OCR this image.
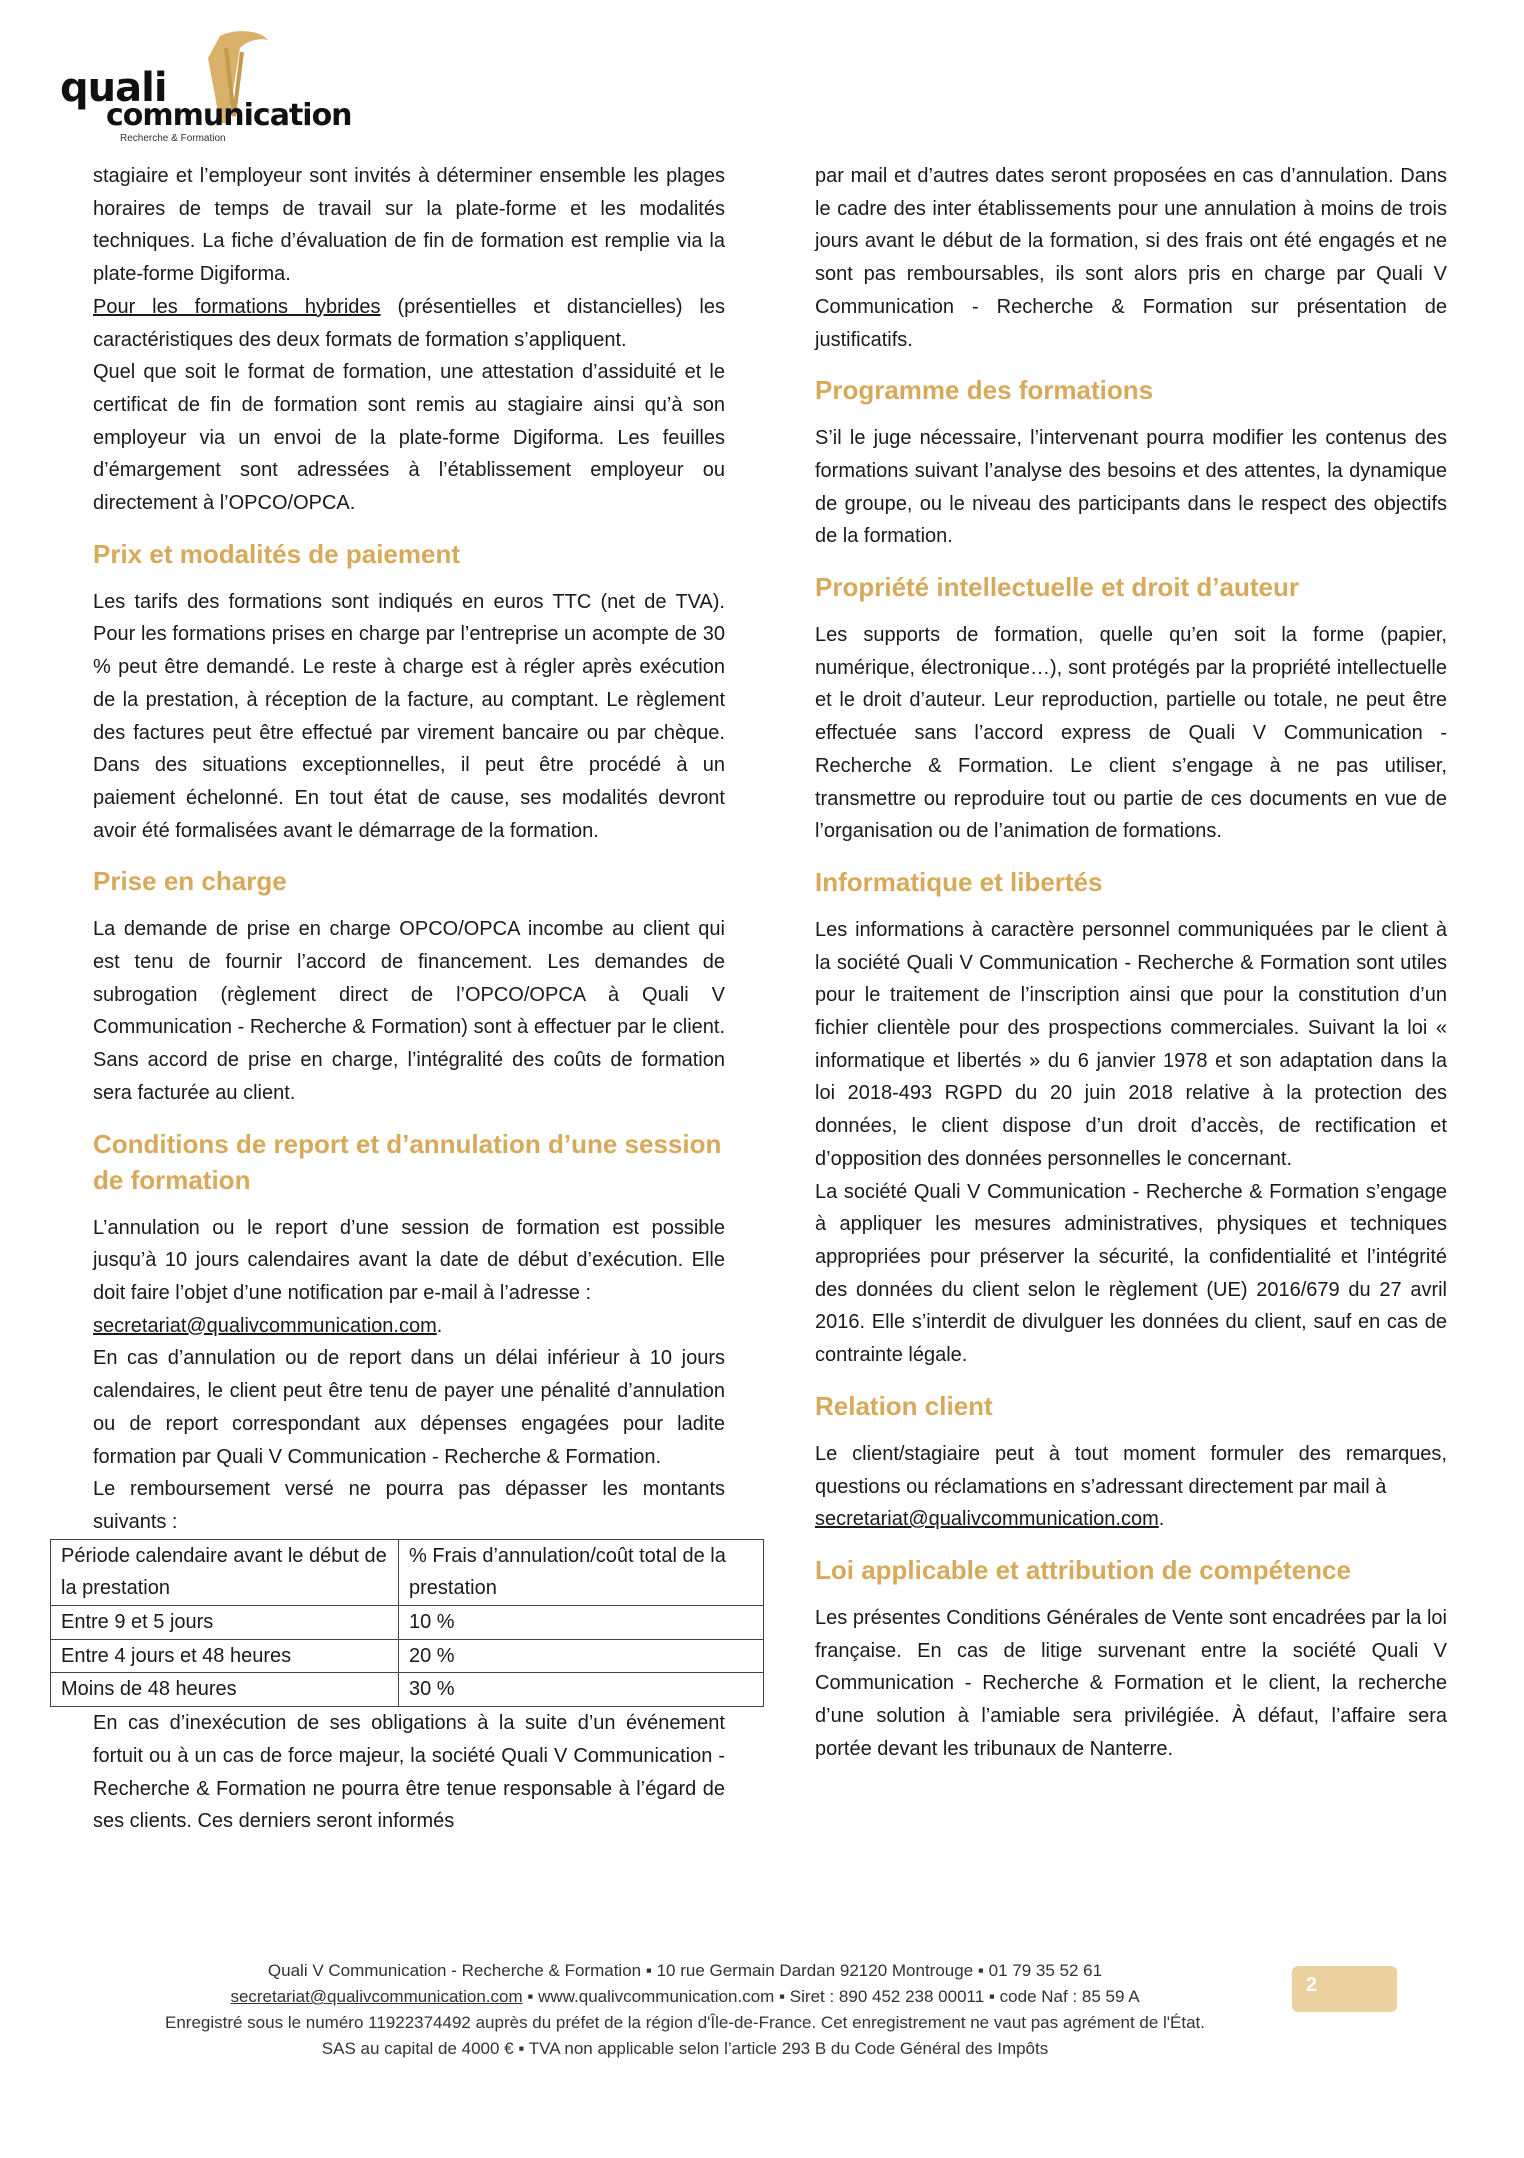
quali
communication
Recherche & Formation

stagiaire et l’employeur sont invités à déterminer ensemble les plages horaires de temps de travail sur la plate-forme et les modalités techniques. La fiche d’évaluation de fin de formation est remplie via la plate-forme Digiforma.

Pour les formations hybrides (présentielles et distancielles) les caractéristiques des deux formats de formation s’appliquent.

Quel que soit le format de formation, une attestation d’assiduité et le certificat de fin de formation sont remis au stagiaire ainsi qu’à son employeur via un envoi de la plate-forme Digiforma. Les feuilles d’émargement sont adressées à l’établissement employeur ou directement à l’OPCO/OPCA.

Prix et modalités de paiement

Les tarifs des formations sont indiqués en euros TTC (net de TVA). Pour les formations prises en charge par l’entreprise un acompte de 30 % peut être demandé. Le reste à charge est à régler après exécution de la prestation, à réception de la facture, au comptant. Le règlement des factures peut être effectué par virement bancaire ou par chèque. Dans des situations exceptionnelles, il peut être procédé à un paiement échelonné. En tout état de cause, ses modalités devront avoir été formalisées avant le démarrage de la formation.

Prise en charge

La demande de prise en charge OPCO/OPCA incombe au client qui est tenu de fournir l’accord de financement. Les demandes de subrogation (règlement direct de l’OPCO/OPCA à Quali V Communication - Recherche & Formation) sont à effectuer par le client. Sans accord de prise en charge, l’intégralité des coûts de formation sera facturée au client.

Conditions de report et d’annulation d’une session de formation

L’annulation ou le report d’une session de formation est possible jusqu’à 10 jours calendaires avant la date de début d’exécution. Elle doit faire l’objet d’une notification par e-mail à l’adresse :

secretariat@qualivcommunication.com.

En cas d’annulation ou de report dans un délai inférieur à 10 jours calendaires, le client peut être tenu de payer une pénalité d’annulation ou de report correspondant aux dépenses engagées pour ladite formation par Quali V Communication - Recherche & Formation.

Le remboursement versé ne pourra pas dépasser les montants suivants :

Période calendaire avant le début de la prestation	% Frais d’annulation/coût total de la prestation
Entre 9 et 5 jours	10 %
Entre 4 jours et 48 heures	20 %
Moins de 48 heures	30 %

En cas d’inexécution de ses obligations à la suite d’un événement fortuit ou à un cas de force majeur, la société Quali V Communication - Recherche & Formation ne pourra être tenue responsable à l’égard de ses clients. Ces derniers seront informés

par mail et d’autres dates seront proposées en cas d’annulation. Dans le cadre des inter établissements pour une annulation à moins de trois jours avant le début de la formation, si des frais ont été engagés et ne sont pas remboursables, ils sont alors pris en charge par Quali V Communication - Recherche & Formation sur présentation de justificatifs.

Programme des formations

S’il le juge nécessaire, l’intervenant pourra modifier les contenus des formations suivant l’analyse des besoins et des attentes, la dynamique de groupe, ou le niveau des participants dans le respect des objectifs de la formation.

Propriété intellectuelle et droit d’auteur

Les supports de formation, quelle qu’en soit la forme (papier, numérique, électronique…), sont protégés par la propriété intellectuelle et le droit d’auteur. Leur reproduction, partielle ou totale, ne peut être effectuée sans l’accord express de Quali V Communication - Recherche & Formation. Le client s’engage à ne pas utiliser, transmettre ou reproduire tout ou partie de ces documents en vue de l’organisation ou de l’animation de formations.

Informatique et libertés

Les informations à caractère personnel communiquées par le client à la société Quali V Communication - Recherche & Formation sont utiles pour le traitement de l’inscription ainsi que pour la constitution d’un fichier clientèle pour des prospections commerciales. Suivant la loi « informatique et libertés » du 6 janvier 1978 et son adaptation dans la loi 2018-493 RGPD du 20 juin 2018 relative à la protection des données, le client dispose d’un droit d’accès, de rectification et d’opposition des données personnelles le concernant.

La société Quali V Communication - Recherche & Formation s’engage à appliquer les mesures administratives, physiques et techniques appropriées pour préserver la sécurité, la confidentialité et l’intégrité des données du client selon le règlement (UE) 2016/679 du 27 avril 2016. Elle s’interdit de divulguer les données du client, sauf en cas de contrainte légale.

Relation client

Le client/stagiaire peut à tout moment formuler des remarques, questions ou réclamations en s’adressant directement par mail à

secretariat@qualivcommunication.com.

Loi applicable et attribution de compétence

Les présentes Conditions Générales de Vente sont encadrées par la loi française. En cas de litige survenant entre la société Quali V Communication - Recherche & Formation et le client, la recherche d’une solution à l’amiable sera privilégiée. À défaut, l’affaire sera portée devant les tribunaux de Nanterre.

Quali V Communication - Recherche & Formation ▪ 10 rue Germain Dardan 92120 Montrouge ▪ 01 79 35 52 61
secretariat@qualivcommunication.com ▪ www.qualivcommunication.com ▪ Siret : 890 452 238 00011 ▪ code Naf : 85 59 A
Enregistré sous le numéro 11922374492 auprès du préfet de la région d'Île-de-France. Cet enregistrement ne vaut pas agrément de l'État.
SAS au capital de 4000 € ▪ TVA non applicable selon l’article 293 B du Code Général des Impôts
2
